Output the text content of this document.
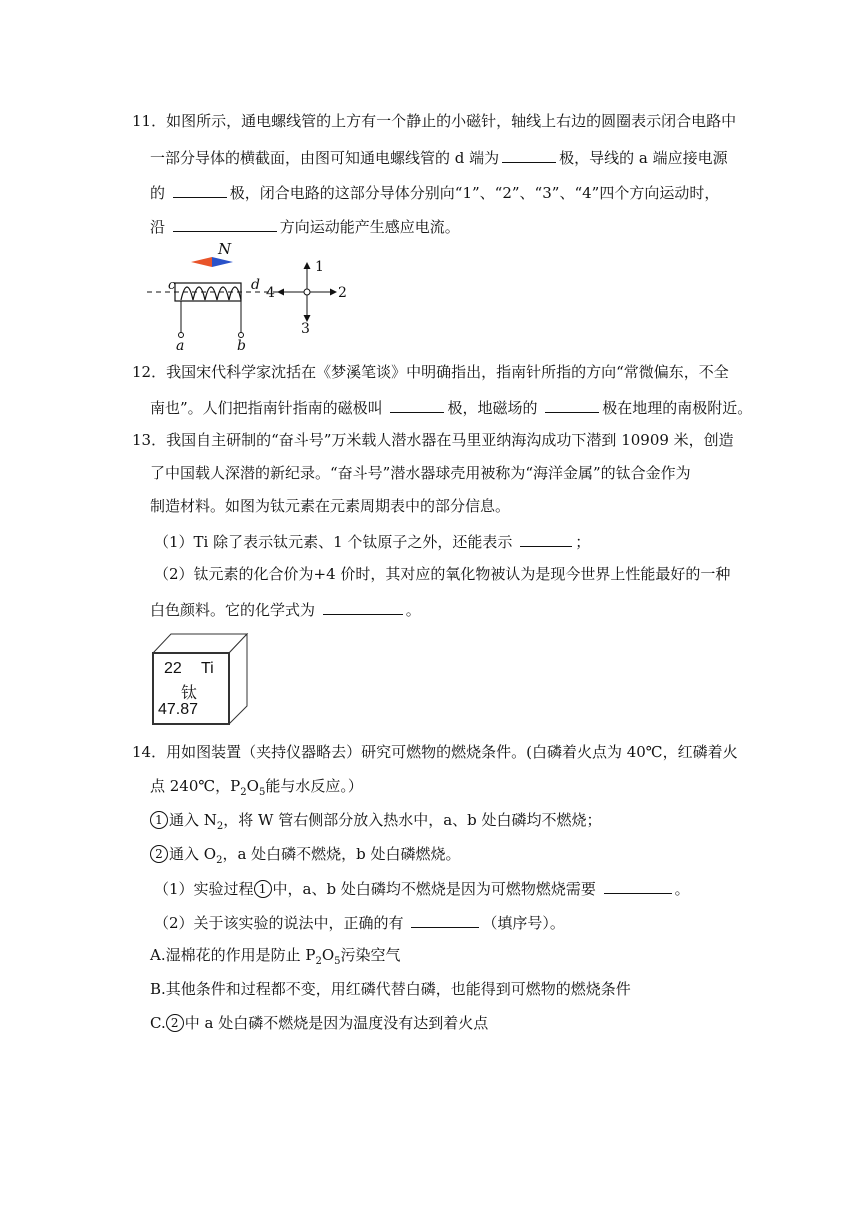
11．如图所示，通电螺线管的上方有一个静止的小磁针，轴线上右边的圆圈表示闭合电路中
一部分导体的横截面，由图可知通电螺线管的 d 端为	极，导线的 a 端应接电源
的	极，闭合电路的这部分导体分别向“1”、“2”、“3”、“4”四个方向运动时，
沿	方向运动能产生感应电流。
N
c	d
a	b
1
2
3
4
12．我国宋代科学家沈括在《梦溪笔谈》中明确指出，指南针所指的方向“常微偏东，不全
南也”。人们把指南针指南的磁极叫	极，地磁场的	极在地理的南极附近。
13．我国自主研制的“奋斗号”万米载人潜水器在马里亚纳海沟成功下潜到 10909 米，创造
了中国载人深潜的新纪录。“奋斗号”潜水器球壳用被称为“海洋金属”的钛合金作为
制造材料。如图为钛元素在元素周期表中的部分信息。
（1）Ti 除了表示钛元素、1 个钛原子之外，还能表示	；
（2）钛元素的化合价为+4 价时，其对应的氧化物被认为是现今世界上性能最好的一种
白色颜料。它的化学式为	。
22 Ti
钛
47.87
14．用如图装置（夹持仪器略去）研究可燃物的燃烧条件。(白磷着火点为 40℃，红磷着火
点 240℃，$P_2O_5$能与水反应。）
1 通入 $N_2$，将 W 管右侧部分放入热水中，a、b 处白磷均不燃烧；
2 通入 $O_2$，a 处白磷不燃烧，b 处白磷燃烧。
（1）实验过程 1 中，a、b 处白磷均不燃烧是因为可燃物燃烧需要	。
（2）关于该实验的说法中，正确的有	（填序号）。
A.湿棉花的作用是防止 $P_2O_5$污染空气
B.其他条件和过程都不变，用红磷代替白磷，也能得到可燃物的燃烧条件
C. 2 中 a 处白磷不燃烧是因为温度没有达到着火点
